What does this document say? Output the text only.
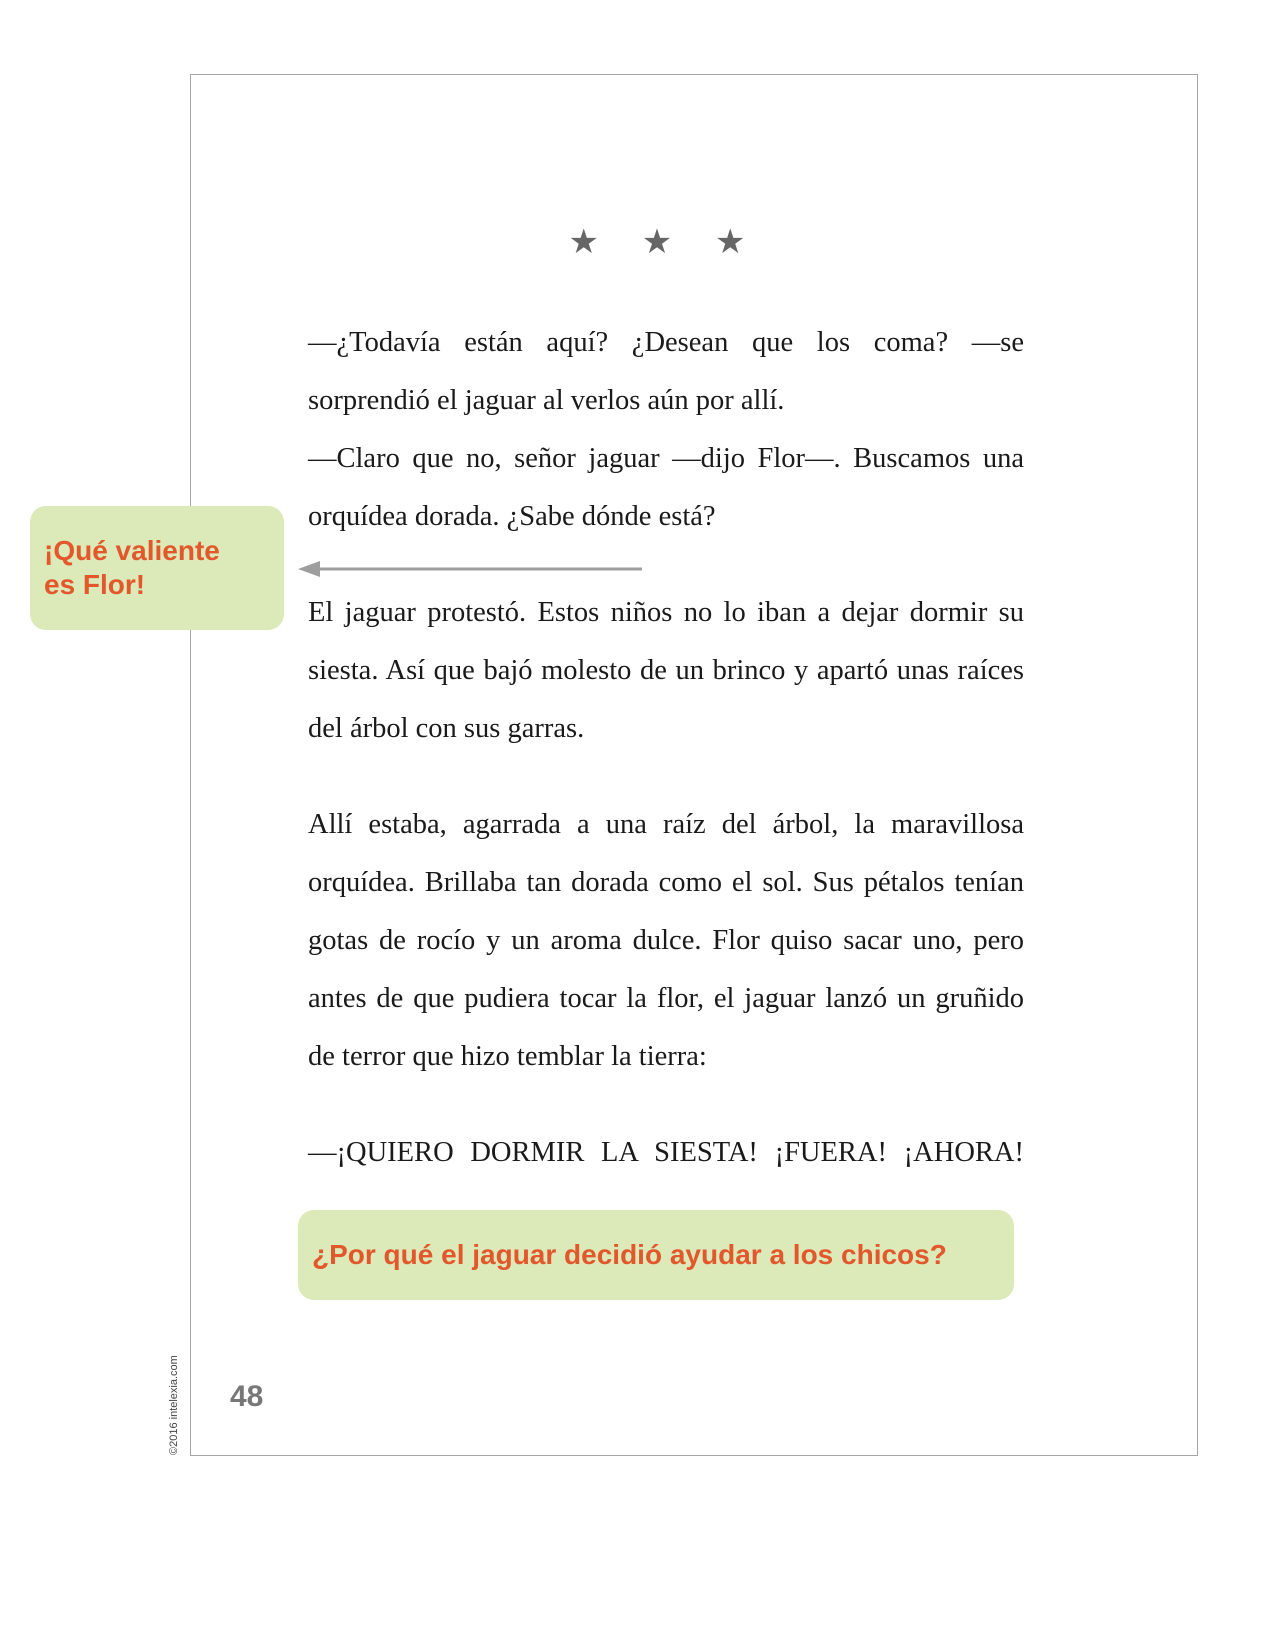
★ ★ ★

—¿Todavía están aquí? ¿Desean que los coma? —se sorprendió el jaguar al verlos aún por allí.

—Claro que no, señor jaguar —dijo Flor—. Buscamos una orquídea dorada. ¿Sabe dónde está?

¡Qué valiente
es Flor!

El jaguar protestó. Estos niños no lo iban a dejar dormir su siesta. Así que bajó molesto de un brinco y apartó unas raíces del árbol con sus garras.

Allí estaba, agarrada a una raíz del árbol, la maravillosa orquídea. Brillaba tan dorada como el sol. Sus pétalos tenían gotas de rocío y un aroma dulce. Flor quiso sacar uno, pero antes de que pudiera tocar la flor, el jaguar lanzó un gruñido de terror que hizo temblar la tierra:

—¡QUIERO DORMIR LA SIESTA! ¡FUERA! ¡AHORA!

¿Por qué el jaguar decidió ayudar a los chicos?
48
©2016 intelexia.com
